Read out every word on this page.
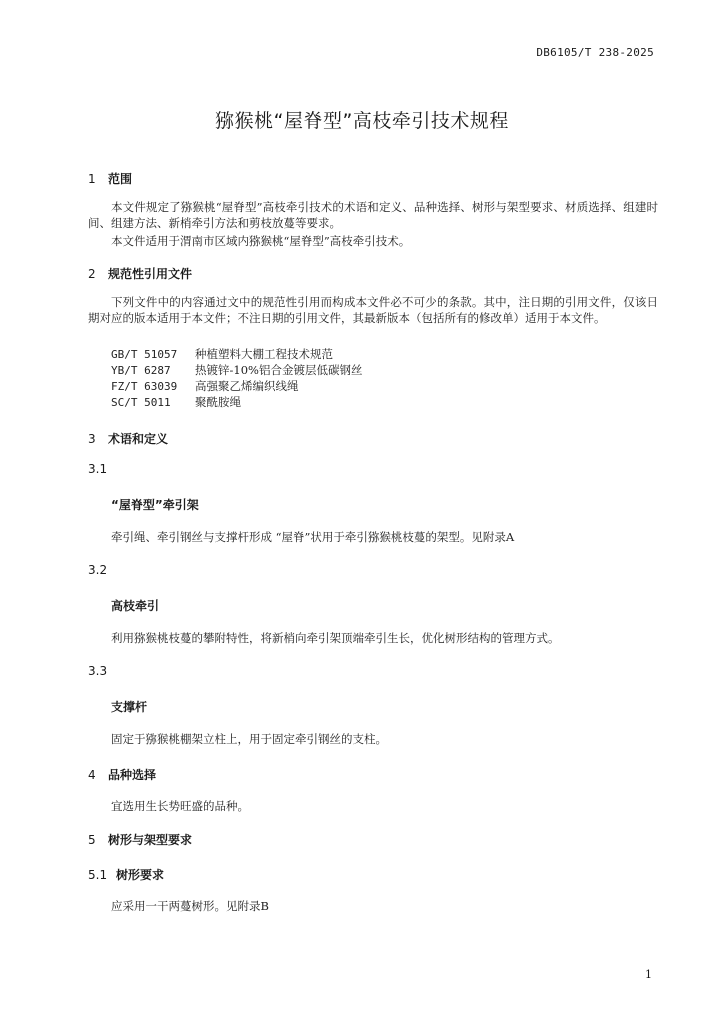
DB6105/T 238-2025
猕猴桃“屋脊型”高枝牵引技术规程
1 范围
本文件规定了猕猴桃“屋脊型”高枝牵引技术的术语和定义、品种选择、树形与架型要求、材质选择、组建时间、组建方法、新梢牵引方法和剪枝放蔓等要求。
本文件适用于渭南市区域内猕猴桃“屋脊型”高枝牵引技术。
2 规范性引用文件
下列文件中的内容通过文中的规范性引用而构成本文件必不可少的条款。其中，注日期的引用文件，仅该日期对应的版本适用于本文件；不注日期的引用文件，其最新版本（包括所有的修改单）适用于本文件。
GB/T 51057 种植塑料大棚工程技术规范
YB/T 6287 热镀锌-10%铝合金镀层低碳钢丝
FZ/T 63039 高强聚乙烯编织线绳
SC/T 5011 聚酰胺绳
3 术语和定义
3.1
“屋脊型”牵引架
牵引绳、牵引钢丝与支撑杆形成 “屋脊”状用于牵引猕猴桃枝蔓的架型。见附录A
3.2
高枝牵引
利用猕猴桃枝蔓的攀附特性，将新梢向牵引架顶端牵引生长，优化树形结构的管理方式。
3.3
支撑杆
固定于猕猴桃棚架立柱上，用于固定牵引钢丝的支柱。
4 品种选择
宜选用生长势旺盛的品种。
5 树形与架型要求
5.1 树形要求
应采用一干两蔓树形。见附录B
1
